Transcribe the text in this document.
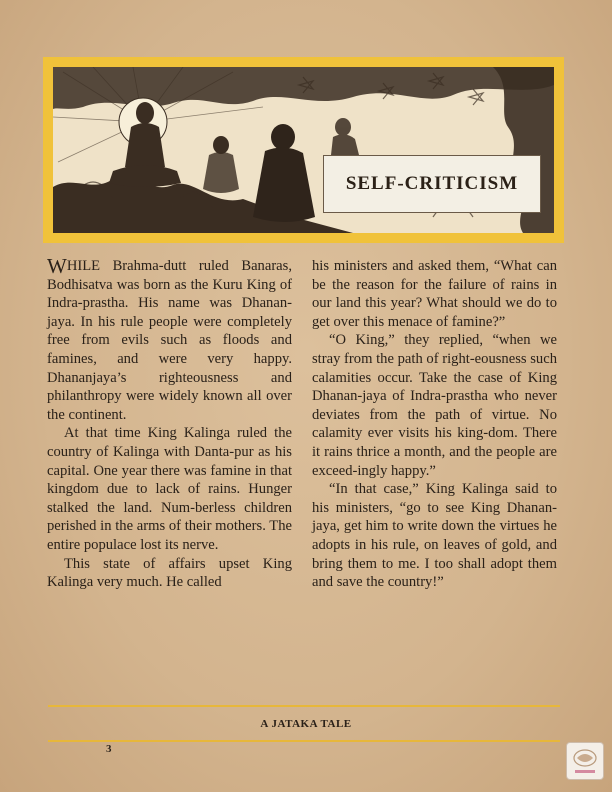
SELF-CRITICISM

WHILE Brahma-dutt ruled Banaras, Bodhisatva was born as the Kuru King of Indra-prastha. His name was Dhanan-jaya. In his rule people were completely free from evils such as floods and famines, and were very happy. Dhananjaya’s righteousness and philanthropy were widely known all over the continent.

At that time King Kalinga ruled the country of Kalinga with Danta-pur as his capital. One year there was famine in that kingdom due to lack of rains. Hunger stalked the land. Num-berless children perished in the arms of their mothers. The entire populace lost its nerve.

This state of affairs upset King Kalinga very much. He called

his ministers and asked them, “What can be the reason for the failure of rains in our land this year? What should we do to get over this menace of famine?”

“O King,” they replied, “when we stray from the path of right-eousness such calamities occur. Take the case of King Dhanan-jaya of Indra-prastha who never deviates from the path of virtue. No calamity ever visits his king-dom. There it rains thrice a month, and the people are exceed-ingly happy.”

“In that case,” King Kalinga said to his ministers, “go to see King Dhanan-jaya, get him to write down the virtues he adopts in his rule, on leaves of gold, and bring them to me. I too shall adopt them and save the country!”

A JATAKA TALE
3
